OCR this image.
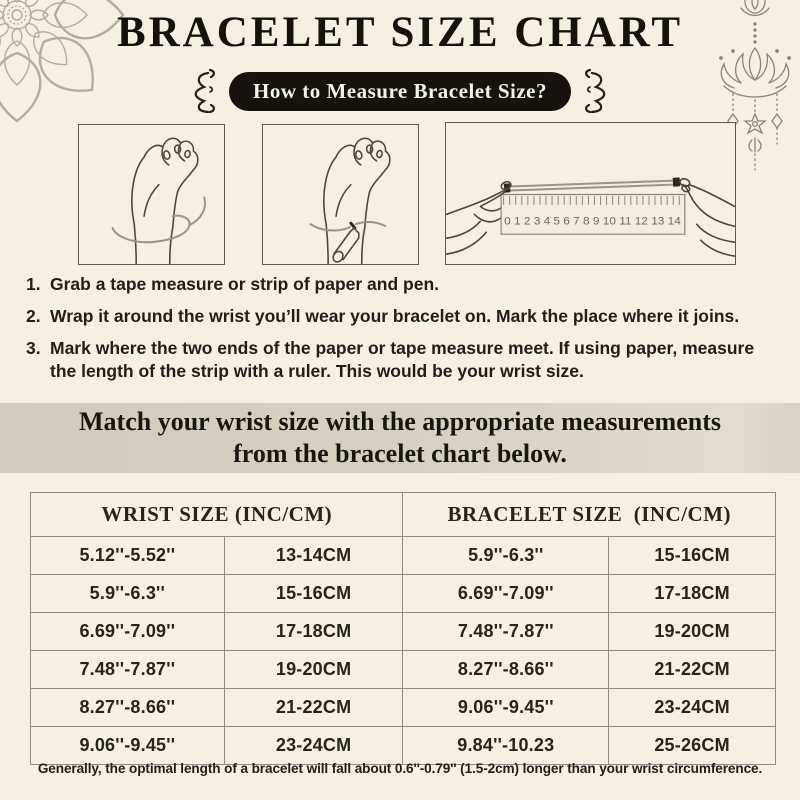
BRACELET SIZE CHART
How to Measure Bracelet Size?
0 1 2 3 4 5 6 7 8 9 10 11 12 13 14
1. Grab a tape measure or strip of paper and pen.
2. Wrap it around the wrist you’ll wear your bracelet on. Mark the place where it joins.
3. Mark where the two ends of the paper or tape measure meet. If using paper, measure the length of the strip with a ruler. This would be your wrist size.
Match your wrist size with the appropriate measurements from the bracelet chart below.
WRIST SIZE (INC/CM)		BRACELET SIZE  (INC/CM)	
5.12''-5.52''	13-14CM	5.9''-6.3''	15-16CM
5.9''-6.3''	15-16CM	6.69''-7.09''	17-18CM
6.69''-7.09''	17-18CM	7.48''-7.87''	19-20CM
7.48''-7.87''	19-20CM	8.27''-8.66''	21-22CM
8.27''-8.66''	21-22CM	9.06''-9.45''	23-24CM
9.06''-9.45''	23-24CM	9.84''-10.23	25-26CM
Generally, the optimal length of a bracelet will fall about 0.6''-0.79'' (1.5-2cm) longer than your wrist circumference.
